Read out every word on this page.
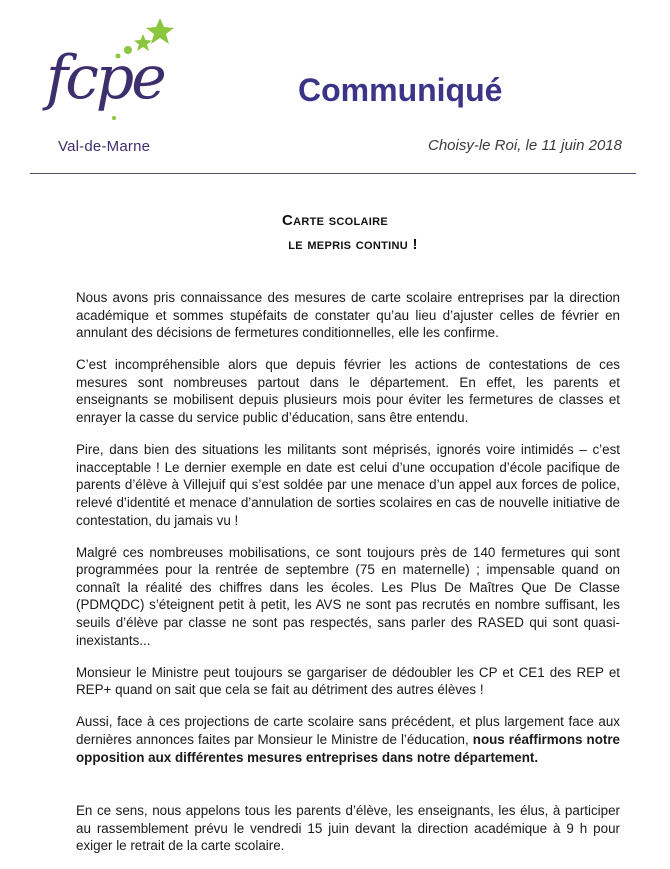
fcpe
Val-de-Marne
Communiqué
Choisy-le Roi, le 11 juin 2018
Carte scolaire
le mepris continu !

Nous avons pris connaissance des mesures de carte scolaire entreprises par la direction académique et sommes stupéfaits de constater qu’au lieu d’ajuster celles de février en annulant des décisions de fermetures conditionnelles, elle les confirme.

C’est incompréhensible alors que depuis février les actions de contestations de ces mesures sont nombreuses partout dans le département. En effet, les parents et enseignants se mobilisent depuis plusieurs mois pour éviter les fermetures de classes et enrayer la casse du service public d’éducation, sans être entendu.

Pire, dans bien des situations les militants sont méprisés, ignorés voire intimidés – c’est inacceptable ! Le dernier exemple en date est celui d’une occupation d’école pacifique de parents d’élève à Villejuif qui s’est soldée par une menace d’un appel aux forces de police, relevé d’identité et menace d’annulation de sorties scolaires en cas de nouvelle initiative de contestation, du jamais vu !

Malgré ces nombreuses mobilisations, ce sont toujours près de 140 fermetures qui sont programmées pour la rentrée de septembre (75 en maternelle) ; impensable quand on connaît la réalité des chiffres dans les écoles. Les Plus De Maîtres Que De Classe (PDMQDC) s’éteignent petit à petit, les AVS ne sont pas recrutés en nombre suffisant, les seuils d’élève par classe ne sont pas respectés, sans parler des RASED qui sont quasi-inexistants...

Monsieur le Ministre peut toujours se gargariser de dédoubler les CP et CE1 des REP et REP+ quand on sait que cela se fait au détriment des autres élèves !

Aussi, face à ces projections de carte scolaire sans précédent, et plus largement face aux dernières annonces faites par Monsieur le Ministre de l’éducation, nous réaffirmons notre opposition aux différentes mesures entreprises dans notre département.

En ce sens, nous appelons tous les parents d’élève, les enseignants, les élus, à participer au rassemblement prévu le vendredi 15 juin devant la direction académique à 9 h pour exiger le retrait de la carte scolaire.
